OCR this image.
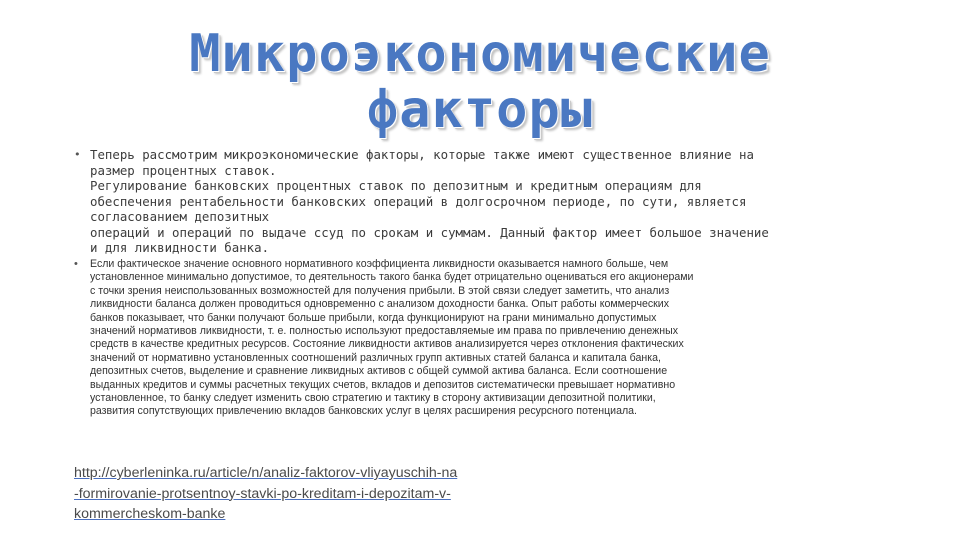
Микроэкономические
факторы
• Теперь рассмотрим микроэкономические факторы, которые также имеют существенное влияние на
размер процентных ставок.
Регулирование банковских процентных ставок по депозитным и кредитным операциям для
обеспечения рентабельности банковских операций в долгосрочном периоде, по сути, является
согласованием депозитных
операций и операций по выдаче ссуд по срокам и суммам. Данный фактор имеет большое значение
и для ликвидности банка.
• Если фактическое значение основного нормативного коэффициента ликвидности оказывается намного больше, чем
установленное минимально допустимое, то деятельность такого банка будет отрицательно оцениваться его акционерами
с точки зрения неиспользованных возможностей для получения прибыли. В этой связи следует заметить, что анализ
ликвидности баланса должен проводиться одновременно с анализом доходности банка. Опыт работы коммерческих
банков показывает, что банки получают больше прибыли, когда функционируют на грани минимально допустимых
значений нормативов ликвидности, т. е. полностью используют предоставляемые им права по привлечению денежных
средств в качестве кредитных ресурсов. Состояние ликвидности активов анализируется через отклонения фактических
значений от нормативно установленных соотношений различных групп активных статей баланса и капитала банка,
депозитных счетов, выделение и сравнение ликвидных активов с общей суммой актива баланса. Если соотношение
выданных кредитов и суммы расчетных текущих счетов, вкладов и депозитов систематически превышает нормативно
установленное, то банку следует изменить свою стратегию и тактику в сторону активизации депозитной политики,
развития сопутствующих привлечению вкладов банковских услуг в целях расширения ресурсного потенциала.
http://cyberleninka.ru/article/n/analiz-faktorov-vliyayuschih-na
-formirovanie-protsentnoy-stavki-po-kreditam-i-depozitam-v-
kommercheskom-banke
